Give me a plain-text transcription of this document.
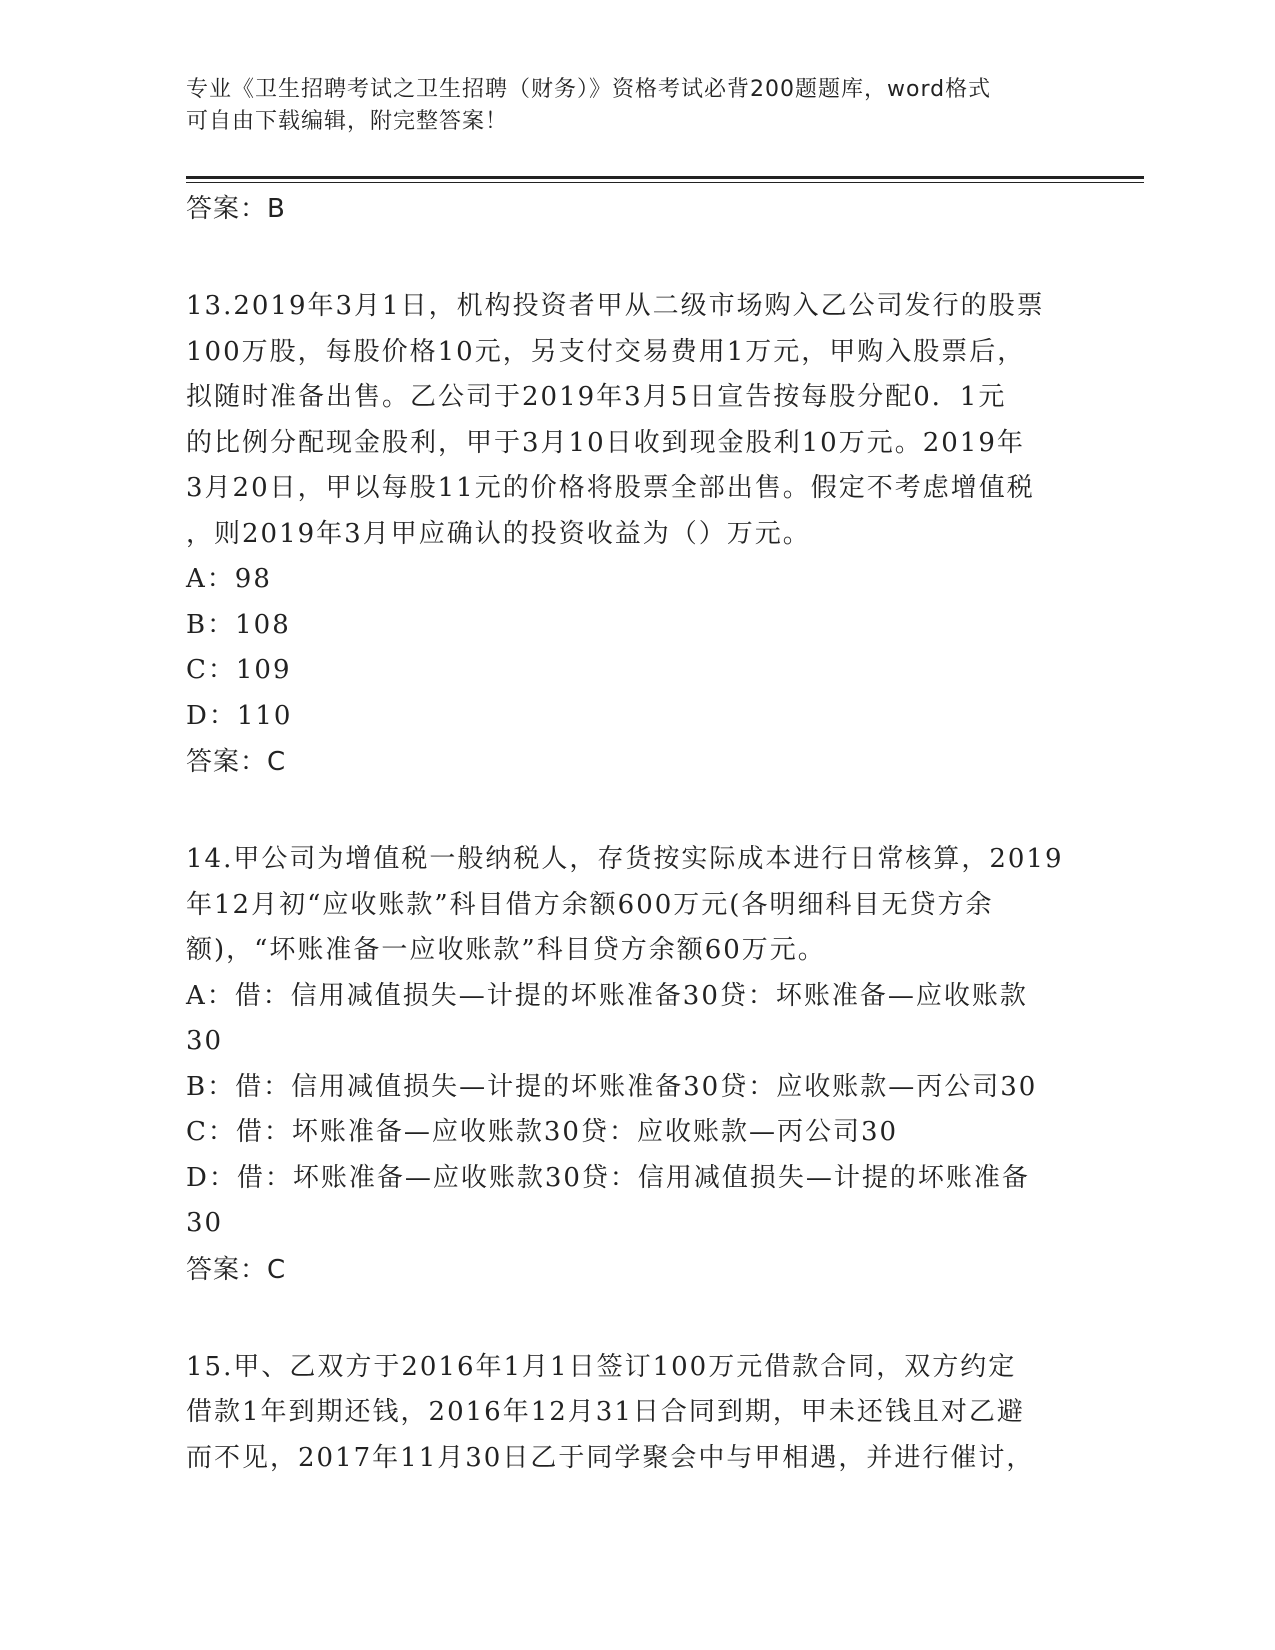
专业《卫生招聘考试之卫生招聘（财务）》资格考试必背200题题库，word格式
可自由下载编辑，附完整答案！
答案：B
13.2019年3月1日，机构投资者甲从二级市场购入乙公司发行的股票
100万股，每股价格10元，另支付交易费用1万元，甲购入股票后，
拟随时准备出售。乙公司于2019年3月5日宣告按每股分配0．1元
的比例分配现金股利，甲于3月10日收到现金股利10万元。2019年
3月20日，甲以每股11元的价格将股票全部出售。假定不考虑增值税
，则2019年3月甲应确认的投资收益为（）万元。
A：98
B：108
C：109
D：110
答案：C
14.甲公司为增值税一般纳税人，存货按实际成本进行日常核算，2019
年12月初“应收账款”科目借方余额600万元(各明细科目无贷方余
额)，“坏账准备一应收账款”科目贷方余额60万元。
A：借：信用减值损失—计提的坏账准备30贷：坏账准备—应收账款
30
B：借：信用减值损失—计提的坏账准备30贷：应收账款—丙公司30
C：借：坏账准备—应收账款30贷：应收账款—丙公司30
D：借：坏账准备—应收账款30贷：信用减值损失—计提的坏账准备
30
答案：C
15.甲、乙双方于2016年1月1日签订100万元借款合同，双方约定
借款1年到期还钱，2016年12月31日合同到期，甲未还钱且对乙避
而不见，2017年11月30日乙于同学聚会中与甲相遇，并进行催讨，
